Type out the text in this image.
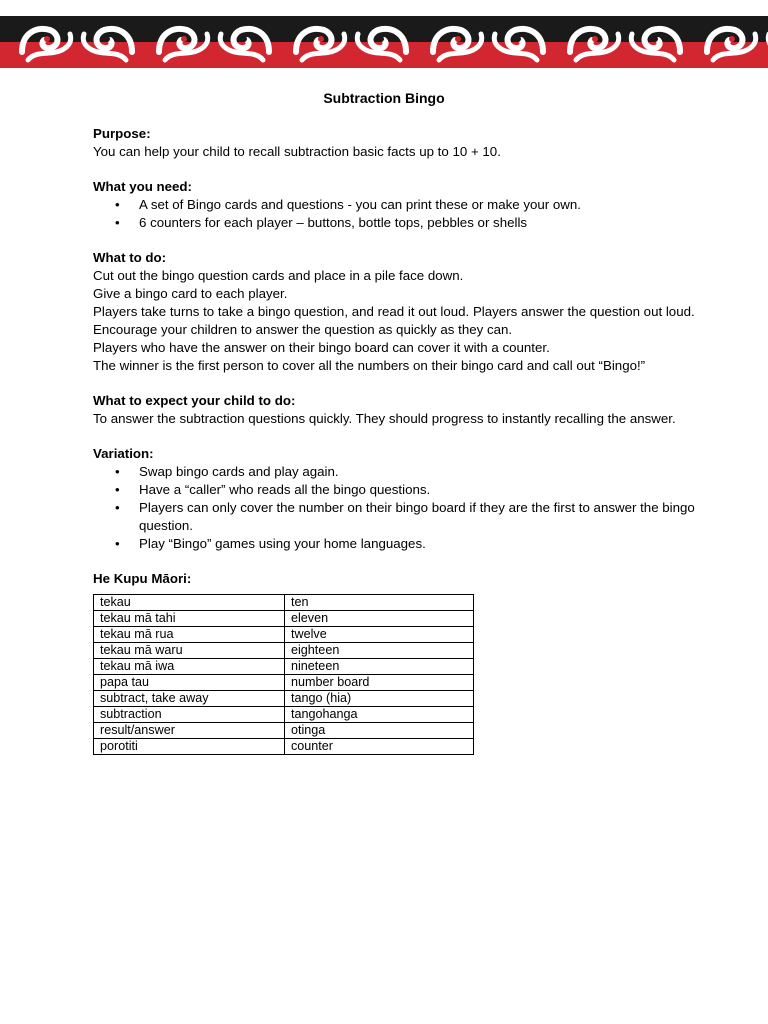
Subtraction Bingo
Purpose:
You can help your child to recall subtraction basic facts up to 10 + 10.
What you need:
• A set of Bingo cards and questions - you can print these or make your own.
• 6 counters for each player – buttons, bottle tops, pebbles or shells
What to do:
Cut out the bingo question cards and place in a pile face down.
Give a bingo card to each player.
Players take turns to take a bingo question, and read it out loud. Players answer the question out loud.
Encourage your children to answer the question as quickly as they can.
Players who have the answer on their bingo board can cover it with a counter.
The winner is the first person to cover all the numbers on their bingo card and call out “Bingo!”
What to expect your child to do:
To answer the subtraction questions quickly. They should progress to instantly recalling the answer.
Variation:
• Swap bingo cards and play again.
• Have a “caller” who reads all the bingo questions.
• Players can only cover the number on their bingo board if they are the first to answer the bingo question.
• Play “Bingo” games using your home languages.
He Kupu Māori:
tekau	ten
tekau mā tahi	eleven
tekau mā rua	twelve
tekau mā waru	eighteen
tekau mā iwa	nineteen
papa tau	number board
subtract, take away	tango (hia)
subtraction	tangohanga
result/answer	otinga
porotiti	counter
